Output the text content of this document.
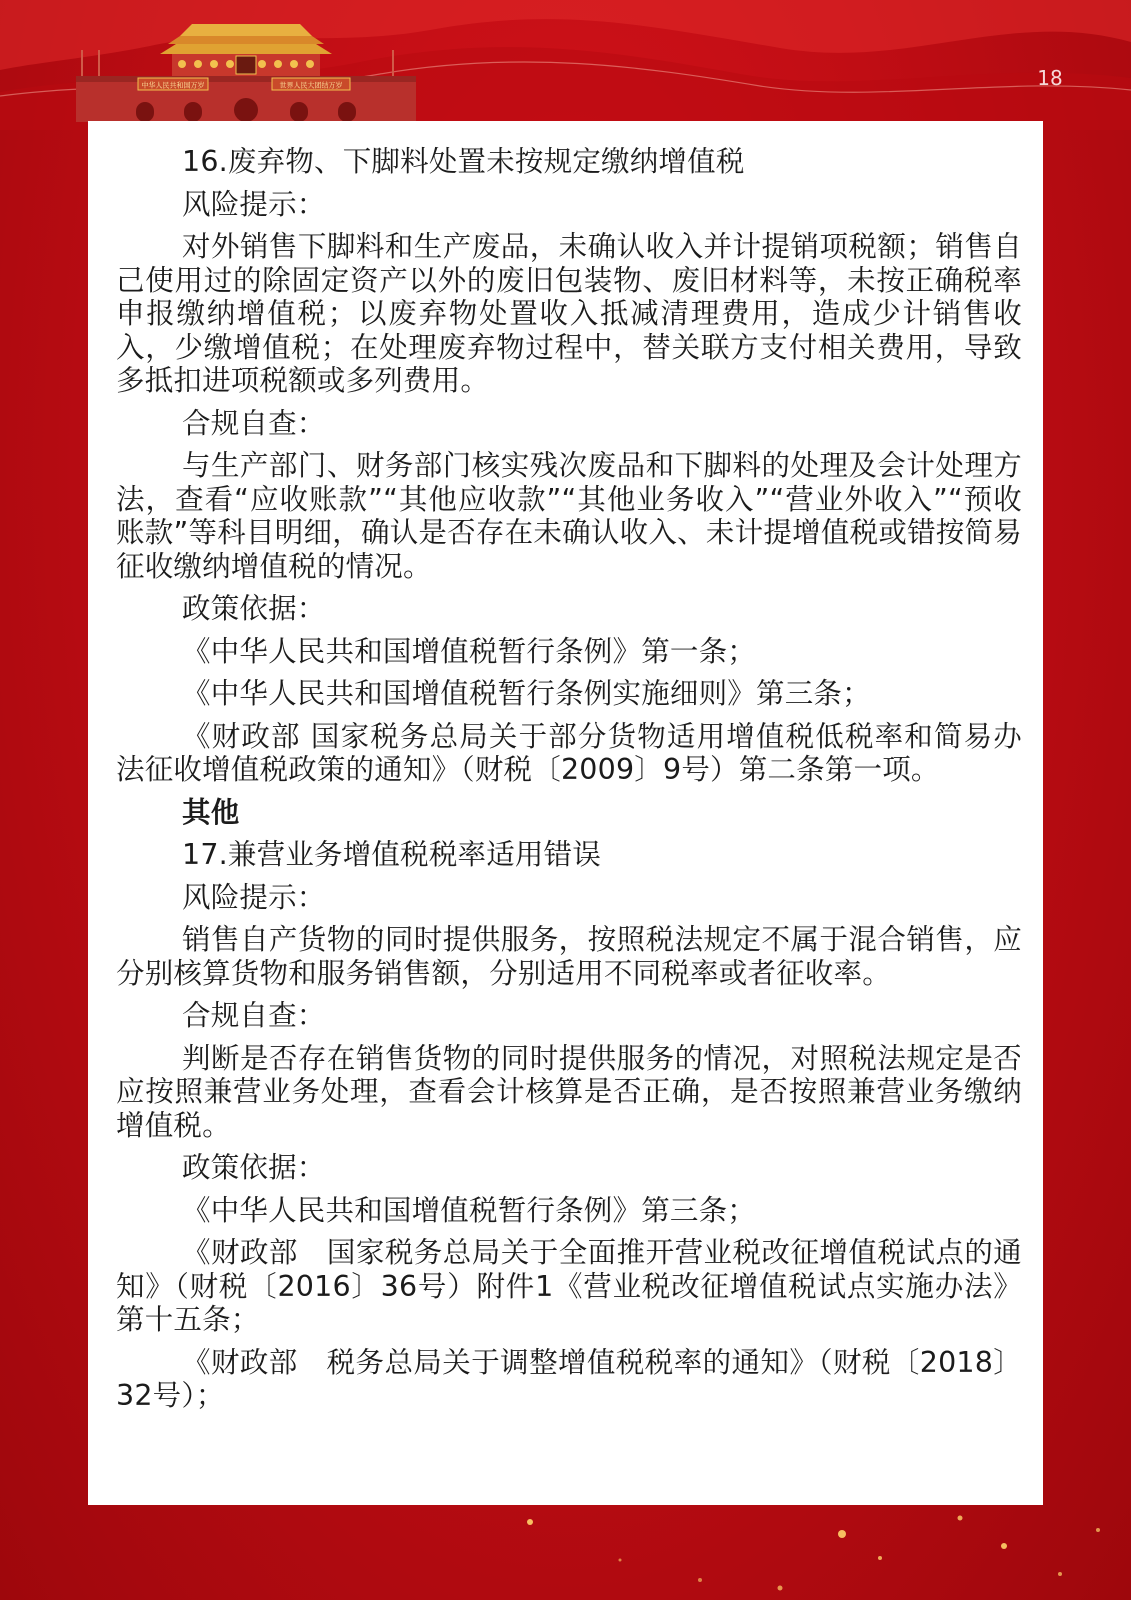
中华人民共和国万岁	世界人民大团结万岁	18

16.废弃物、下脚料处置未按规定缴纳增值税

风险提示：

对外销售下脚料和生产废品，未确认收入并计提销项税额；销售自己使用过的除固定资产以外的废旧包装物、废旧材料等，未按正确税率申报缴纳增值税；以废弃物处置收入抵减清理费用，造成少计销售收入，少缴增值税；在处理废弃物过程中，替关联方支付相关费用，导致多抵扣进项税额或多列费用。

合规自查：

与生产部门、财务部门核实残次废品和下脚料的处理及会计处理方法，查看“应收账款”“其他应收款”“其他业务收入”“营业外收入”“预收账款”等科目明细，确认是否存在未确认收入、未计提增值税或错按简易征收缴纳增值税的情况。

政策依据：

《中华人民共和国增值税暂行条例》第一条；

《中华人民共和国增值税暂行条例实施细则》第三条；

《财政部 国家税务总局关于部分货物适用增值税低税率和简易办法征收增值税政策的通知》（财税〔2009〕9号）第二条第一项。

其他

17.兼营业务增值税税率适用错误

风险提示：

销售自产货物的同时提供服务，按照税法规定不属于混合销售，应分别核算货物和服务销售额，分别适用不同税率或者征收率。

合规自查：

判断是否存在销售货物的同时提供服务的情况，对照税法规定是否应按照兼营业务处理，查看会计核算是否正确，是否按照兼营业务缴纳增值税。

政策依据：

《中华人民共和国增值税暂行条例》第三条；

《财政部　国家税务总局关于全面推开营业税改征增值税试点的通知》（财税〔2016〕36号）附件1《营业税改征增值税试点实施办法》第十五条；

《财政部　税务总局关于调整增值税税率的通知》（财税〔2018〕32号）；
